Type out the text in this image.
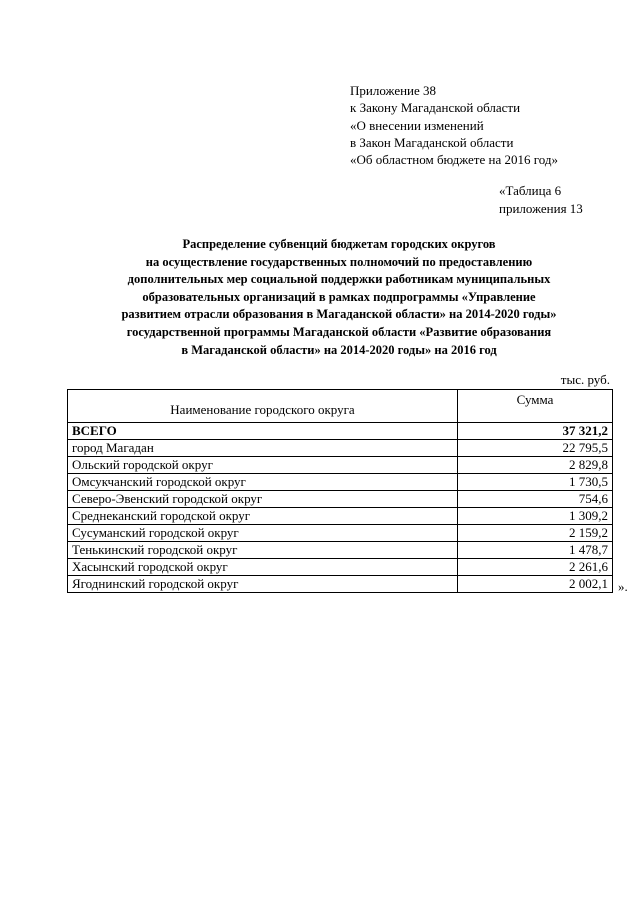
Приложение 38
к Закону Магаданской области
«О внесении изменений
в Закон Магаданской области
«Об областном бюджете на 2016 год»
«Таблица 6
приложения 13
Распределение субвенций бюджетам городских округов
на осуществление государственных полномочий по предоставлению
дополнительных мер социальной поддержки работникам муниципальных
образовательных организаций в рамках подпрограммы «Управление
развитием отрасли образования в Магаданской области» на 2014-2020 годы»
государственной программы Магаданской области «Развитие образования
в Магаданской области» на 2014-2020 годы» на 2016 год
тыс. руб.
Наименование городского округа	Сумма
ВСЕГО	37 321,2
город Магадан	22 795,5
Ольский городской округ	2 829,8
Омсукчанский городской округ	1 730,5
Северо-Эвенский городской округ	754,6
Среднеканский городской округ	1 309,2
Сусуманский городской округ	2 159,2
Тенькинский городской округ	1 478,7
Хасынский городской округ	2 261,6
Ягоднинский городской округ	2 002,1 ».
